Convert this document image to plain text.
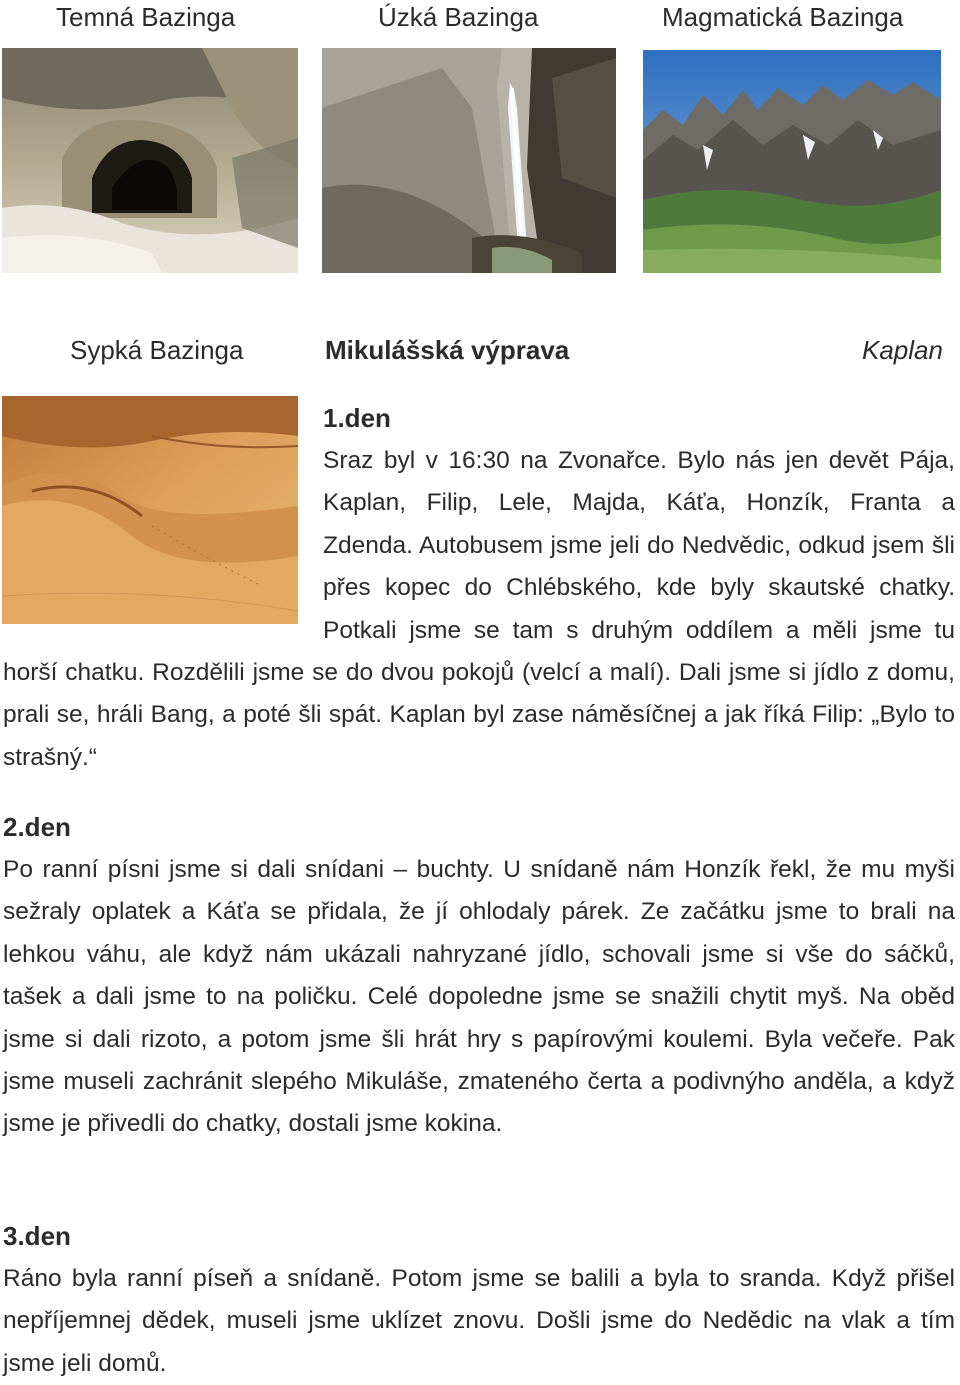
Temná Bazinga	Úzká Bazinga	Magmatická Bazinga
Sypká Bazinga	Mikulášská výprava	Kaplan
1.den

Sraz byl v 16:30 na Zvonařce. Bylo nás jen devět Pája, Kaplan, Filip, Lele, Majda, Káťa, Honzík, Franta a Zdenda. Autobusem jsme jeli do Nedvědic, odkud jsem šli přes kopec do Chlébského, kde byly skautské chatky. Potkali jsme se tam s druhým oddílem a měli jsme tu horší chatku. Rozdělili jsme se do dvou pokojů (velcí a malí). Dali jsme si jídlo z domu, prali se, hráli Bang, a poté šli spát. Kaplan byl zase náměsíčnej a jak říká Filip: „Bylo to strašný.“

2.den

Po ranní písni jsme si dali snídani – buchty. U snídaně nám Honzík řekl, že mu myši sežraly oplatek a Káťa se přidala, že jí ohlodaly párek. Ze začátku jsme to brali na lehkou váhu, ale když nám ukázali nahryzané jídlo, schovali jsme si vše do sáčků, tašek a dali jsme to na poličku. Celé dopoledne jsme se snažili chytit myš. Na oběd jsme si dali rizoto, a potom jsme šli hrát hry s papírovými koulemi. Byla večeře. Pak jsme museli zachránit slepého Mikuláše, zmateného čerta a podivnýho anděla, a když jsme je přivedli do chatky, dostali jsme kokina.

3.den

Ráno byla ranní píseň a snídaně. Potom jsme se balili a byla to sranda. Když přišel nepříjemnej dědek, museli jsme uklízet znovu. Došli jsme do Nedědic na vlak a tím jsme jeli domů.
